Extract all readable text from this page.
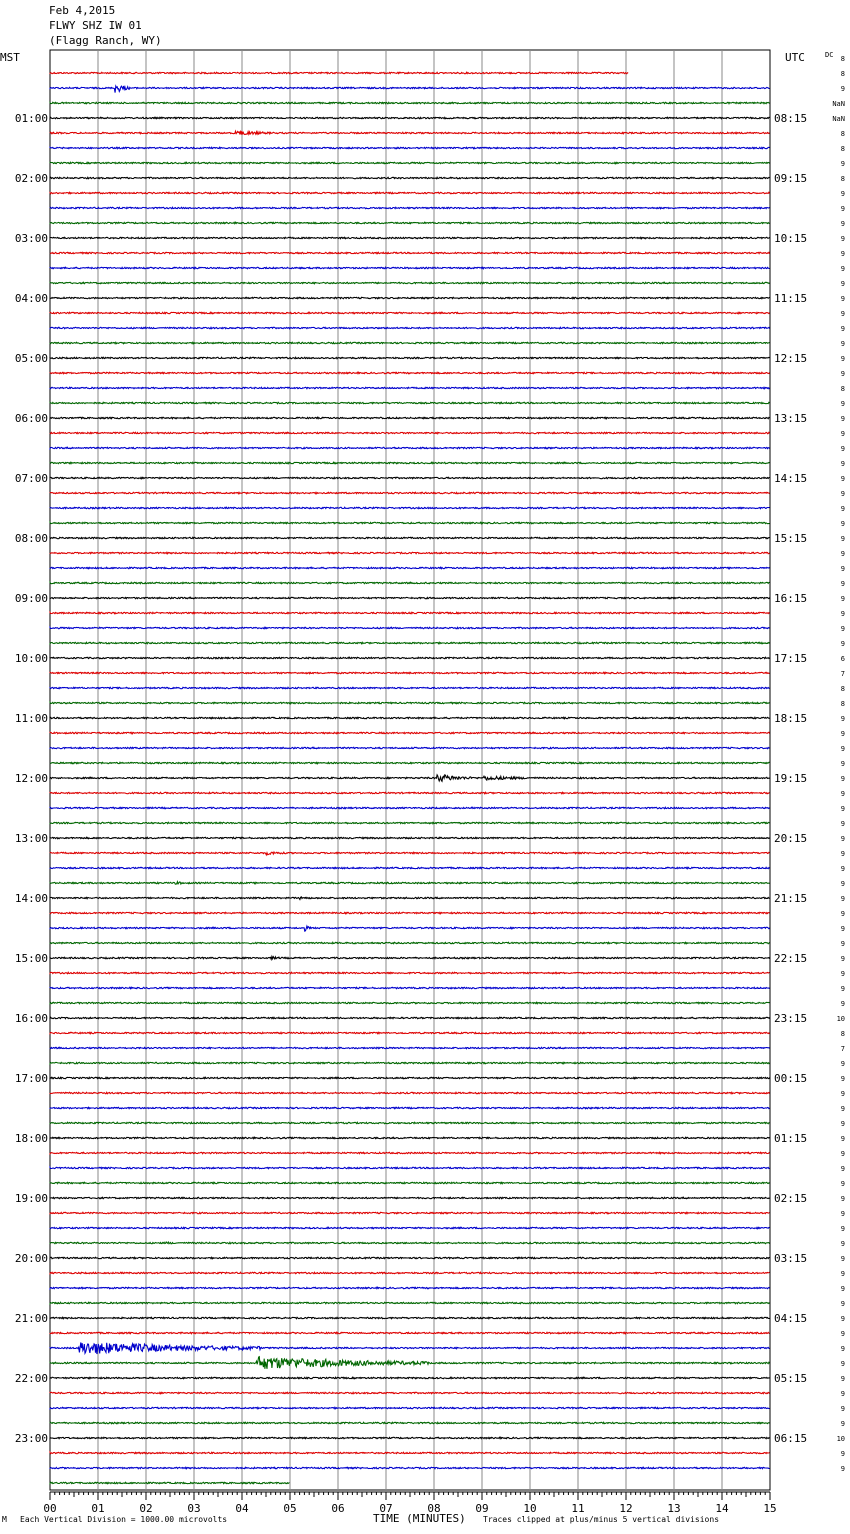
Feb 4,2015
FLWY SHZ IW 01
(Flagg Ranch, WY)
MST	UTC	DC
01:00
02:00
03:00
04:00
05:00
06:00
07:00
08:00
09:00
10:00
11:00
12:00
13:00
14:00
15:00
16:00
17:00
18:00
19:00
20:00
21:00
22:00
23:00
08:15
09:15
10:15
11:15
12:15
13:15
14:15
15:15
16:15
17:15
18:15
19:15
20:15
21:15
22:15
23:15
00:15
01:15
02:15
03:15
04:15
05:15
06:15
8
8
9
NaN
NaN
8
8
9
8
9
9
9
9
9
9
9
9
9
9
9
9
9
8
9
9
9
9
9
9
9
9
9
9
9
9
9
9
9
9
9
6
7
8
8
9
9
9
9
9
9
9
9
9
9
9
9
9
9
9
9
9
9
9
9
10
8
7
9
9
9
9
9
9
9
9
9
9
9
9
9
9
9
9
9
9
9
9
9
9
9
9
9
10
9
9
00	01	02	03	04	05	06	07	08	09	10	11	12	13	14	15
M Each Vertical Division = 1000.00 microvolts	TIME (MINUTES) Traces clipped at plus/minus 5 vertical divisions
